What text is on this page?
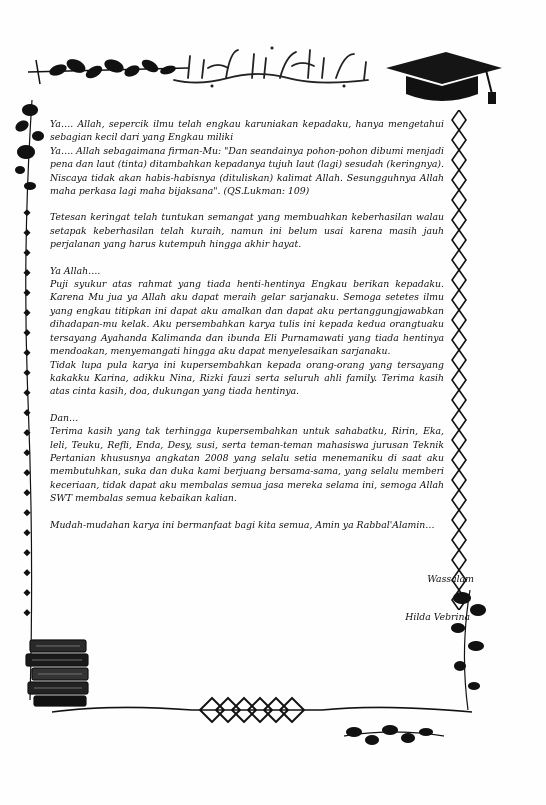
Ya…. Allah, sepercik ilmu telah engkau karuniakan kepadaku, hanya mengetahui sebagian kecil dari yang Engkau miliki

Ya…. Allah sebagaimana firman-Mu: "Dan seandainya pohon-pohon dibumi menjadi pena dan laut (tinta) ditambahkan kepadanya tujuh laut (lagi) sesudah (keringnya). Niscaya tidak akan habis-habisnya (dituliskan) kalimat Allah. Sesungguhnya Allah maha perkasa lagi maha bijaksana". (QS.Lukman: 109)

Tetesan keringat telah tuntukan semangat yang membuahkan keberhasilan walau setapak keberhasilan telah kuraih, namun ini belum usai karena masih jauh perjalanan yang harus kutempuh hingga akhir hayat.

Ya Allah….

Puji syukur atas rahmat yang tiada henti-hentinya Engkau berikan kepadaku. Karena Mu jua ya Allah aku dapat meraih gelar sarjanaku. Semoga setetes ilmu yang engkau titipkan ini dapat aku amalkan dan dapat aku pertanggungjawabkan dihadapan-mu kelak. Aku persembahkan karya tulis ini kepada kedua orangtuaku tersayang Ayahanda Kalimanda dan ibunda Eli Purnamawati yang tiada hentinya mendoakan, menyemangati hingga aku dapat menyelesaikan sarjanaku.

Tidak lupa pula karya ini kupersembahkan kepada orang-orang yang tersayang kakakku Karina, adikku Nina, Rizki fauzi serta seluruh ahli family. Terima kasih atas cinta kasih, doa, dukungan yang tiada hentinya.

Dan…

Terima kasih yang tak terhingga kupersembahkan untuk sahabatku, Ririn, Eka, leli, Teuku, Refli, Enda, Desy, susi, serta teman-teman mahasiswa jurusan Teknik Pertanian khususnya angkatan 2008 yang selalu setia menemaniku di saat aku membutuhkan, suka dan duka kami berjuang bersama-sama, yang selalu memberi keceriaan, tidak dapat aku membalas semua jasa mereka selama ini, semoga Allah SWT membalas semua kebaikan kalian.

Mudah-mudahan karya ini bermanfaat bagi kita semua, Amin ya Rabbal'Alamin…

Wassalam
Hilda Vebrina
